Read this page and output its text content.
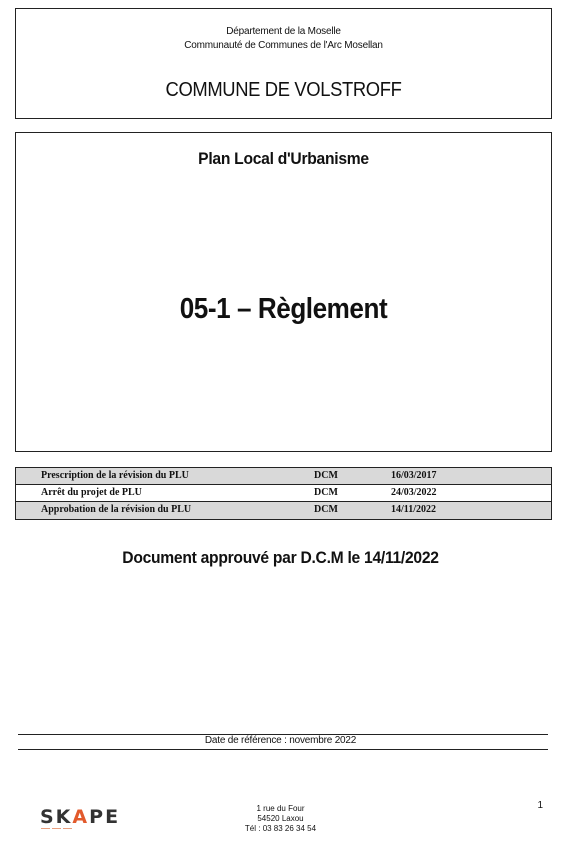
Département de la Moselle
Communauté de Communes de l'Arc Mosellan
COMMUNE DE VOLSTROFF
Plan Local d'Urbanisme
05-1 – Règlement
Prescription de la révision du PLU	DCM	16/03/2017
Arrêt du projet de PLU	DCM	24/03/2022
Approbation de la révision du PLU	DCM	14/11/2022
Document approuvé par D.C.M le 14/11/2022
Date de référence : novembre 2022
SKAPE	1 rue du Four
54520 Laxou
Tél : 03 83 26 34 54
1
